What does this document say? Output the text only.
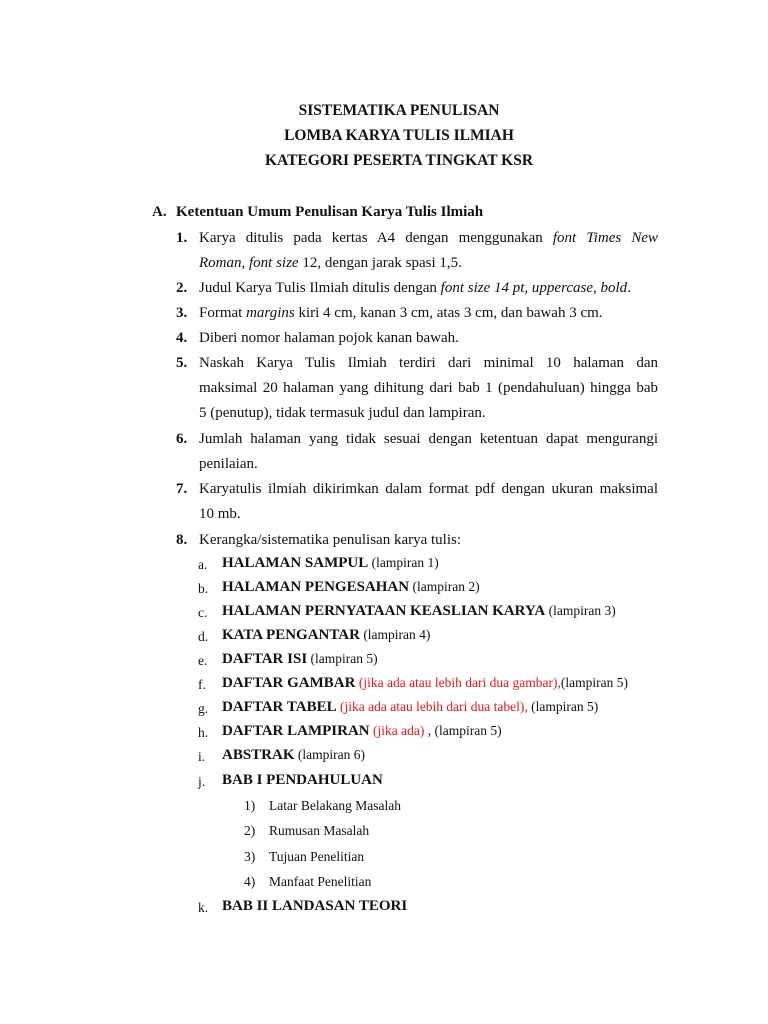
SISTEMATIKA PENULISAN
LOMBA KARYA TULIS ILMIAH
KATEGORI PESERTA TINGKAT KSR
A. Ketentuan Umum Penulisan Karya Tulis Ilmiah
1. Karya ditulis pada kertas A4 dengan menggunakan font Times New
Roman, font size 12, dengan jarak spasi 1,5.
2. Judul Karya Tulis Ilmiah ditulis dengan font size 14 pt, uppercase, bold.
3. Format margins kiri 4 cm, kanan 3 cm, atas 3 cm, dan bawah 3 cm.
4. Diberi nomor halaman pojok kanan bawah.
5. Naskah Karya Tulis Ilmiah terdiri dari minimal 10 halaman dan
maksimal 20 halaman yang dihitung dari bab 1 (pendahuluan) hingga bab
5 (penutup), tidak termasuk judul dan lampiran.
6. Jumlah halaman yang tidak sesuai dengan ketentuan dapat mengurangi
penilaian.
7. Karyatulis ilmiah dikirimkan dalam format pdf dengan ukuran maksimal
10 mb.
8. Kerangka/sistematika penulisan karya tulis:
a. HALAMAN SAMPUL (lampiran 1)
b. HALAMAN PENGESAHAN (lampiran 2)
c. HALAMAN PERNYATAAN KEASLIAN KARYA (lampiran 3)
d. KATA PENGANTAR (lampiran 4)
e. DAFTAR ISI (lampiran 5)
f. DAFTAR GAMBAR (jika ada atau lebih dari dua gambar),(lampiran 5)
g. DAFTAR TABEL (jika ada atau lebih dari dua tabel), (lampiran 5)
h. DAFTAR LAMPIRAN (jika ada) , (lampiran 5)
i. ABSTRAK (lampiran 6)
j. BAB I PENDAHULUAN
1) Latar Belakang Masalah
2) Rumusan Masalah
3) Tujuan Penelitian
4) Manfaat Penelitian
k. BAB II LANDASAN TEORI
